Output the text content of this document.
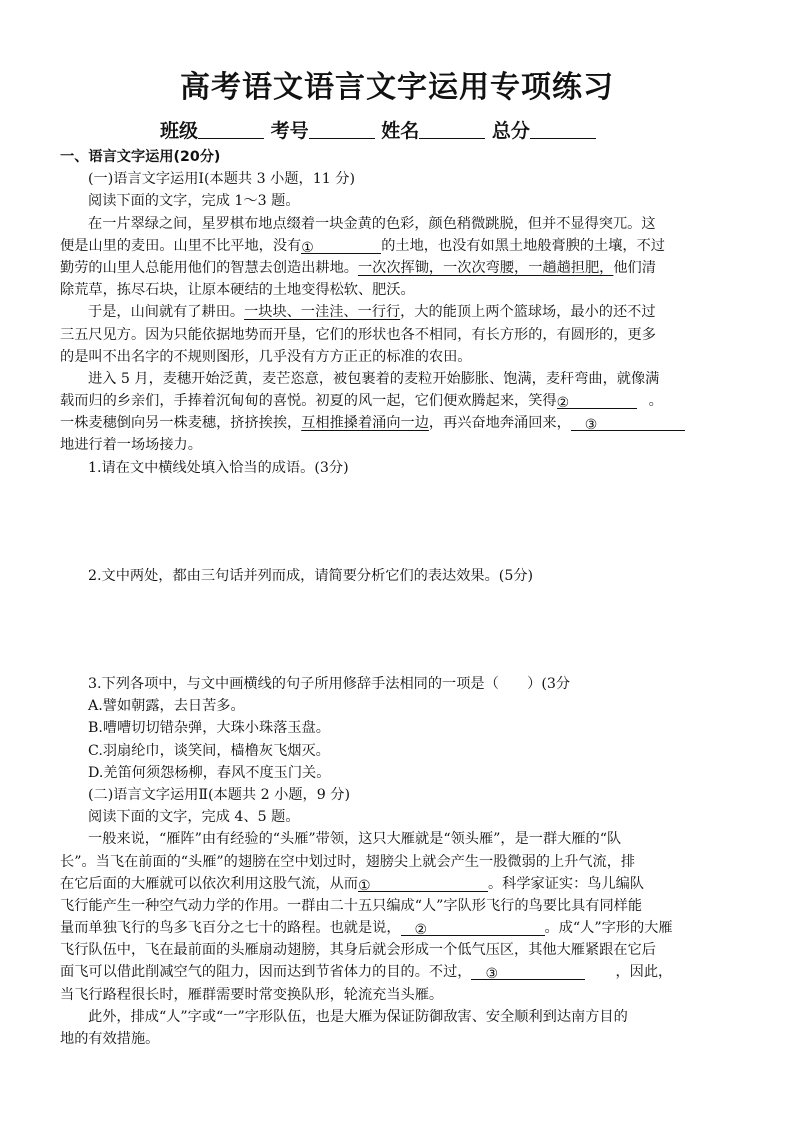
高考语文语言文字运用专项练习
班级	考号	姓名	总分
一、语言文字运用(20分)
(一)语言文字运用Ⅰ(本题共 3 小题，11 分)
阅读下面的文字，完成 1～3 题。
在一片翠绿之间，星罗棋布地点缀着一块金黄的色彩，颜色稍微跳脱，但并不显得突兀。这
便是山里的麦田。山里不比平地，没有①	的土地，也没有如黑土地般膏腴的土壤，不过
勤劳的山里人总能用他们的智慧去创造出耕地。一次次挥锄，一次次弯腰，一趟趟担肥，他们清
除荒草，拣尽石块，让原本硬结的土地变得松软、肥沃。
于是，山间就有了耕田。一块块、一洼洼、一行行，大的能顶上两个篮球场，最小的还不过
三五尺见方。因为只能依据地势而开垦，它们的形状也各不相同，有长方形的，有圆形的，更多
的是叫不出名字的不规则图形，几乎没有方方正正的标准的农田。
进入 5 月，麦穗开始泛黄，麦芒恣意，被包裹着的麦粒开始膨胀、饱满，麦秆弯曲，就像满
载而归的乡亲们，手捧着沉甸甸的喜悦。初夏的风一起，它们便欢腾起来，笑得②	。
一株麦穗倒向另一株麦穗，挤挤挨挨，互相推搡着涌向一边，再兴奋地奔涌回来， ③
地进行着一场场接力。
1.请在文中横线处填入恰当的成语。(3分)
2.文中两处，都由三句话并列而成，请简要分析它们的表达效果。(5分)
3.下列各项中，与文中画横线的句子所用修辞手法相同的一项是（　　）(3分
A.譬如朝露，去日苦多。
B.嘈嘈切切错杂弹，大珠小珠落玉盘。
C.羽扇纶巾，谈笑间，樯橹灰飞烟灭。
D.羌笛何须怨杨柳，春风不度玉门关。
(二)语言文字运用Ⅱ(本题共 2 小题，9 分)
阅读下面的文字，完成 4、5 题。
一般来说，“雁阵”由有经验的“头雁”带领，这只大雁就是“领头雁”，是一群大雁的“队
长”。当飞在前面的“头雁”的翅膀在空中划过时，翅膀尖上就会产生一股微弱的上升气流，排
在它后面的大雁就可以依次利用这股气流，从而①	。科学家证实：鸟儿编队
飞行能产生一种空气动力学的作用。一群由二十五只编成“人”字队形飞行的鸟要比具有同样能
量而单独飞行的鸟多飞百分之七十的路程。也就是说， ②	。成“人”字形的大雁
飞行队伍中，飞在最前面的头雁扇动翅膀，其身后就会形成一个低气压区，其他大雁紧跟在它后
面飞可以借此削减空气的阻力，因而达到节省体力的目的。不过， ③	，因此，
当飞行路程很长时，雁群需要时常变换队形，轮流充当头雁。
此外，排成“人”字或“一”字形队伍，也是大雁为保证防御敌害、安全顺利到达南方目的
地的有效措施。
